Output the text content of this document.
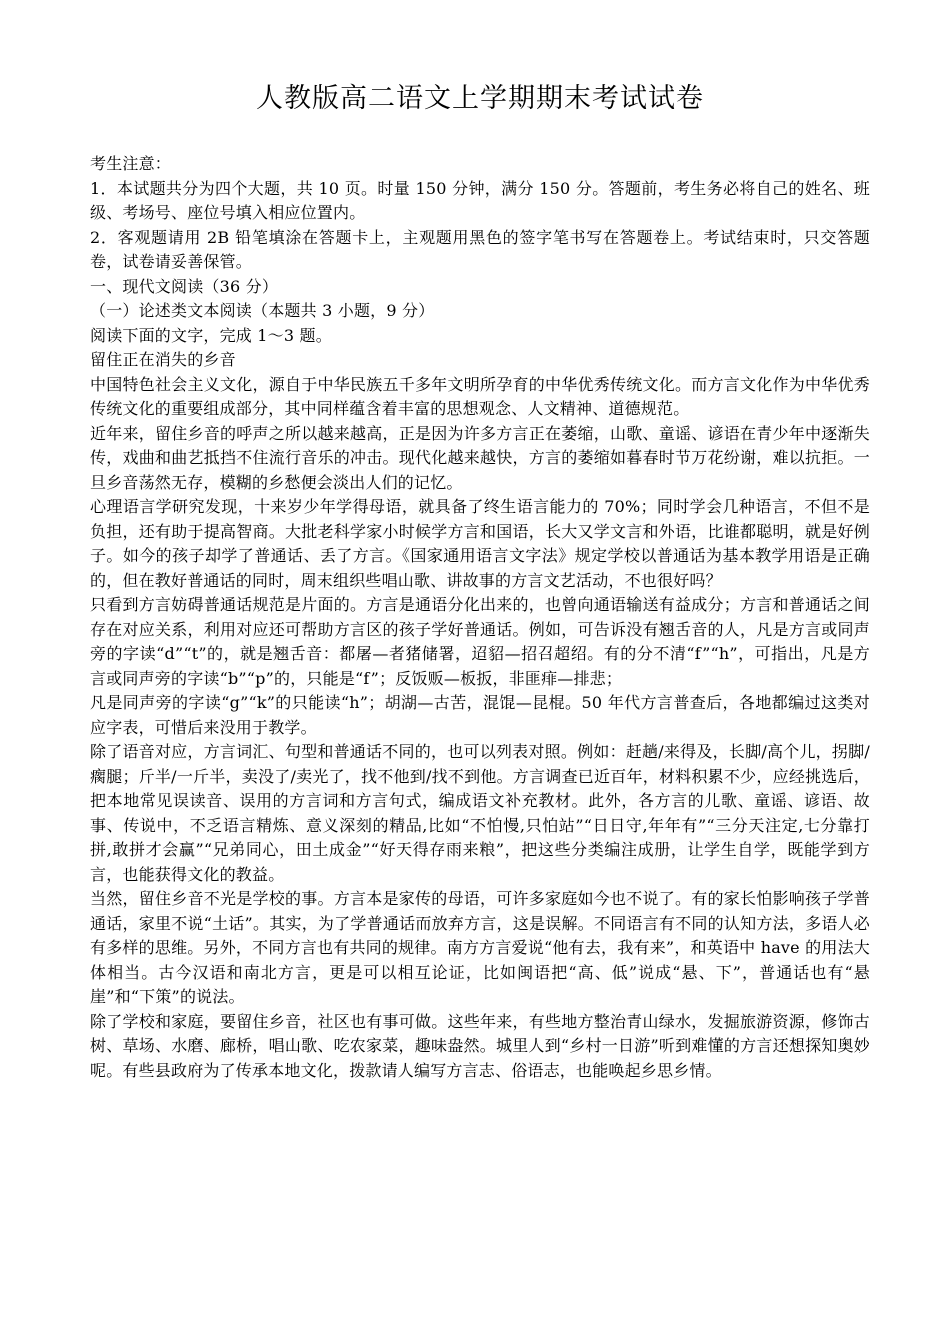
人教版高二语文上学期期末考试试卷

考生注意：

1．本试题共分为四个大题，共 10 页。时量 150 分钟，满分 150 分。答题前，考生务必将自己的姓名、班级、考场号、座位号填入相应位置内。

2．客观题请用 2B 铅笔填涂在答题卡上，主观题用黑色的签字笔书写在答题卷上。考试结束时，只交答题卷，试卷请妥善保管。

一、现代文阅读（36 分）

（一）论述类文本阅读（本题共 3 小题，9 分）

阅读下面的文字，完成 1～3 题。

留住正在消失的乡音

中国特色社会主义文化，源自于中华民族五千多年文明所孕育的中华优秀传统文化。而方言文化作为中华优秀传统文化的重要组成部分，其中同样蕴含着丰富的思想观念、人文精神、道德规范。

近年来，留住乡音的呼声之所以越来越高，正是因为许多方言正在萎缩，山歌、童谣、谚语在青少年中逐渐失传，戏曲和曲艺抵挡不住流行音乐的冲击。现代化越来越快，方言的萎缩如暮春时节万花纷谢，难以抗拒。一旦乡音荡然无存，模糊的乡愁便会淡出人们的记忆。

心理语言学研究发现，十来岁少年学得母语，就具备了终生语言能力的 70%；同时学会几种语言，不但不是负担，还有助于提高智商。大批老科学家小时候学方言和国语，长大又学文言和外语，比谁都聪明，就是好例子。如今的孩子却学了普通话、丢了方言。《国家通用语言文字法》规定学校以普通话为基本教学用语是正确的，但在教好普通话的同时，周末组织些唱山歌、讲故事的方言文艺活动，不也很好吗？

只看到方言妨碍普通话规范是片面的。方言是通语分化出来的，也曾向通语输送有益成分；方言和普通话之间存在对应关系，利用对应还可帮助方言区的孩子学好普通话。例如，可告诉没有翘舌音的人，凡是方言或同声旁的字读“d”“t”的，就是翘舌音：都屠—者猪储署，迢貂—招召超绍。有的分不清“f”“h”，可指出，凡是方言或同声旁的字读“b”“p”的，只能是“f”；反饭贩—板扳，非匪痱—排悲；

凡是同声旁的字读“g”“k”的只能读“h”；胡湖—古苦，混馄—昆棍。50 年代方言普查后，各地都编过这类对应字表，可惜后来没用于教学。

除了语音对应，方言词汇、句型和普通话不同的，也可以列表对照。例如：赶趟/来得及，长脚/高个儿，拐脚/瘸腿；斤半/一斤半，卖没了/卖光了，找不他到/找不到他。方言调查已近百年，材料积累不少，应经挑选后，把本地常见误读音、误用的方言词和方言句式，编成语文补充教材。此外，各方言的儿歌、童谣、谚语、故事、传说中，不乏语言精炼、意义深刻的精品,比如“不怕慢,只怕站”“日日守,年年有”“三分天注定,七分靠打拼,敢拼才会赢”“兄弟同心，田土成金”“好天得存雨来粮”，把这些分类编注成册，让学生自学，既能学到方言，也能获得文化的教益。

当然，留住乡音不光是学校的事。方言本是家传的母语，可许多家庭如今也不说了。有的家长怕影响孩子学普通话，家里不说“土话”。其实，为了学普通话而放弃方言，这是误解。不同语言有不同的认知方法，多语人必有多样的思维。另外，不同方言也有共同的规律。南方方言爱说“他有去，我有来”，和英语中 have 的用法大体相当。古今汉语和南北方言，更是可以相互论证，比如闽语把“高、低”说成“悬、下”，普通话也有“悬崖”和“下策”的说法。

除了学校和家庭，要留住乡音，社区也有事可做。这些年来，有些地方整治青山绿水，发掘旅游资源，修饰古树、草场、水磨、廊桥，唱山歌、吃农家菜，趣味盎然。城里人到“乡村一日游”听到难懂的方言还想探知奥妙呢。有些县政府为了传承本地文化，拨款请人编写方言志、俗语志，也能唤起乡思乡情。
